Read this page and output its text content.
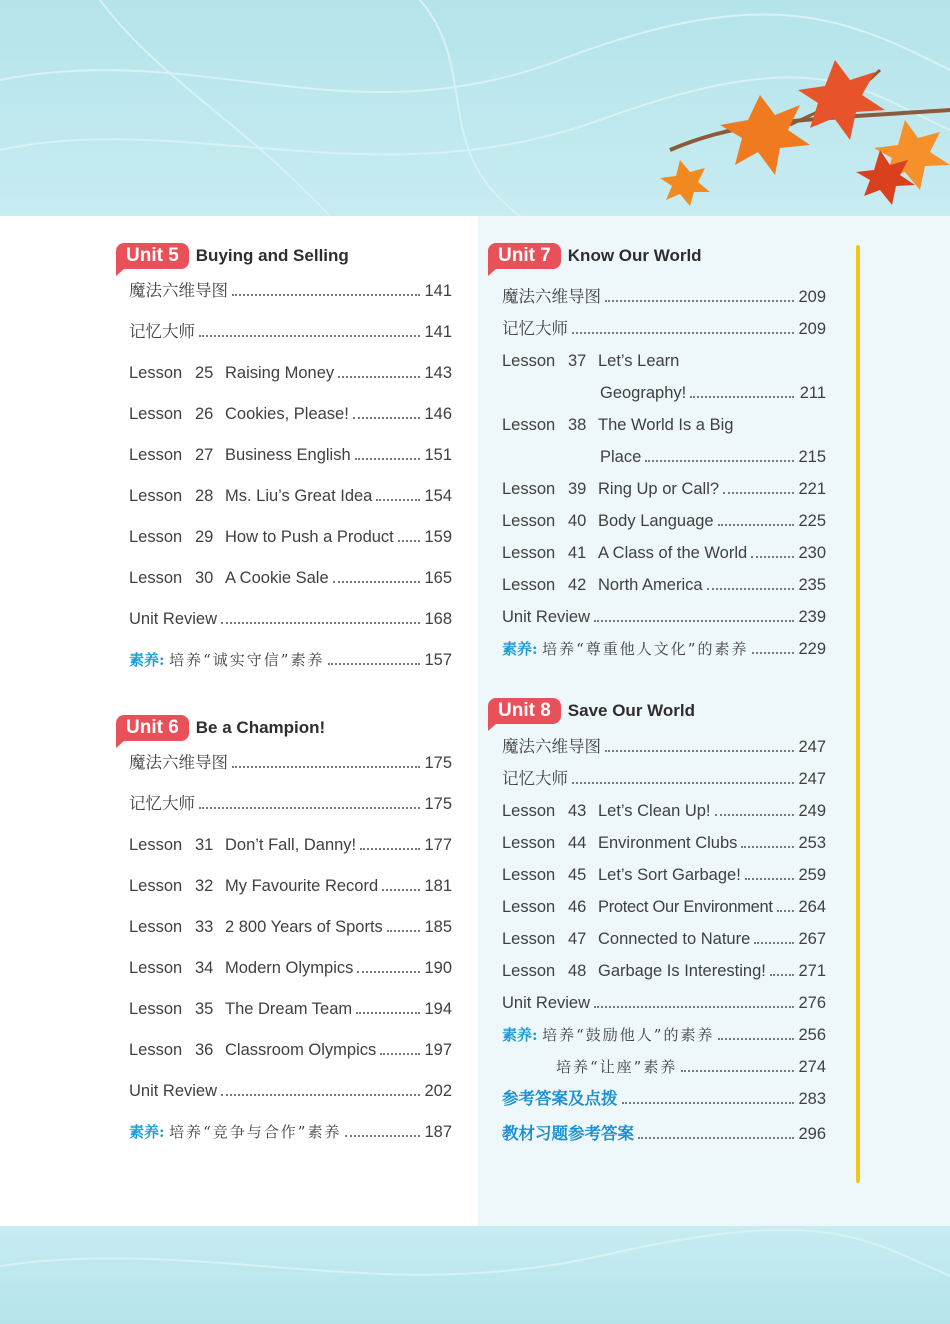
Unit 5	Buying and Selling
魔法六维导图	141
记忆大师	141
Lesson 25 Raising Money	143
Lesson 26 Cookies, Please!	146
Lesson 27 Business English	151
Lesson 28 Ms. Liu’s Great Idea	154
Lesson 29 How to Push a Product 159
Lesson 30 A Cookie Sale	165
Unit Review	168
素养: 培养“诚实守信”素养	157
Unit 6	Be a Champion!
魔法六维导图	175
记忆大师	175
Lesson 31 Don’t Fall, Danny!	177
Lesson 32 My Favourite Record	181
Lesson 33 2 800 Years of Sports	185
Lesson 34 Modern Olympics	190
Lesson 35 The Dream Team	194
Lesson 36 Classroom Olympics	197
Unit Review	202
素养: 培养“竞争与合作”素养	187
Unit 7	Know Our World
魔法六维导图	209
记忆大师	209
Lesson 37 Let’s Learn
Geography!	211
Lesson 38 The World Is a Big
Place	215
Lesson 39 Ring Up or Call?	221
Lesson 40 Body Language	225
Lesson 41 A Class of the World	230
Lesson 42 North America	235
Unit Review	239
素养: 培养“尊重他人文化”的素养	229
Unit 8	Save Our World
魔法六维导图	247
记忆大师	247
Lesson 43 Let’s Clean Up!	249
Lesson 44 Environment Clubs	253
Lesson 45 Let’s Sort Garbage!	259
Lesson 46 Protect Our Environment 264
Lesson 47 Connected to Nature	267
Lesson 48 Garbage Is Interesting! 271
Unit Review	276
素养: 培养“鼓励他人”的素养	256
培养“让座”素养	274
参考答案及点拨	283
教材习题参考答案	296
